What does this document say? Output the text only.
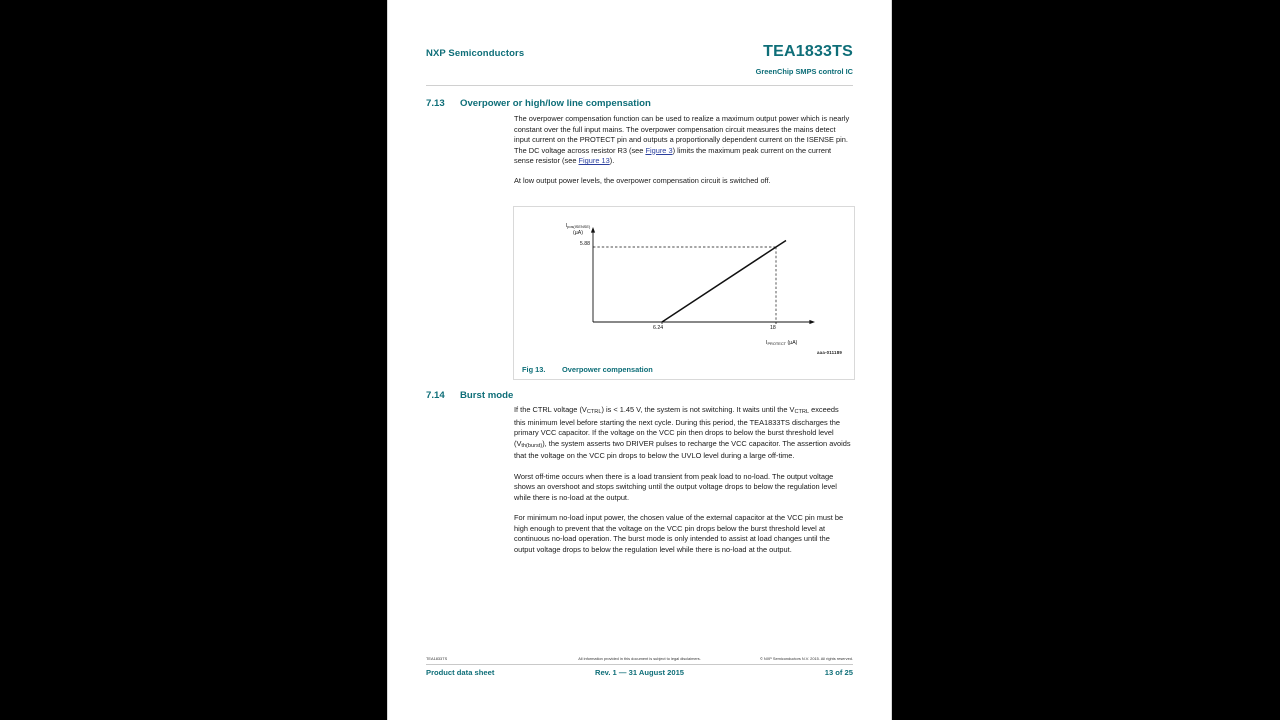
NXP Semiconductors	TEA1833TS
GreenChip SMPS control IC
7.13 Overpower or high/low line compensation

The overpower compensation function can be used to realize a maximum output power which is nearly constant over the full input mains. The overpower compensation circuit measures the mains detect input current on the PROTECT pin and outputs a proportionally dependent current on the ISENSE pin. The DC voltage across resistor R3 (see Figure 3) limits the maximum peak current on the current sense resistor (see Figure 13).

At low output power levels, the overpower compensation circuit is switched off.

$I_{pos(ISENSE)}$
(µA)
5.88
6.24	18
$I_{PROTECT}$ (µA)
aaa-011189
Fig 13. Overpower compensation
7.14 Burst mode

If the CTRL voltage $(V_{CTRL})$ is < 1.45 V, the system is not switching. It waits until the $V_{CTRL}$ exceeds this minimum level before starting the next cycle. During this period, the TEA1833TS discharges the primary VCC capacitor. If the voltage on the VCC pin then drops to below the burst threshold level $(V_{th(burst)})$, the system asserts two DRIVER pulses to recharge the VCC capacitor. The assertion avoids that the voltage on the VCC pin drops to below the UVLO level during a large off-time.

Worst off-time occurs when there is a load transient from peak load to no-load. The output voltage shows an overshoot and stops switching until the output voltage drops to below the regulation level while there is no-load at the output.

For minimum no-load input power, the chosen value of the external capacitor at the VCC pin must be high enough to prevent that the voltage on the VCC pin drops below the burst threshold level at continuous no-load operation. The burst mode is only intended to assist at load changes until the output voltage drops to below the regulation level while there is no-load at the output.

TEA1833TS	All information provided in this document is subject to legal disclaimers.	© NXP Semiconductors N.V. 2015. All rights reserved.
Product data sheet	Rev. 1 — 31 August 2015	13 of 25
